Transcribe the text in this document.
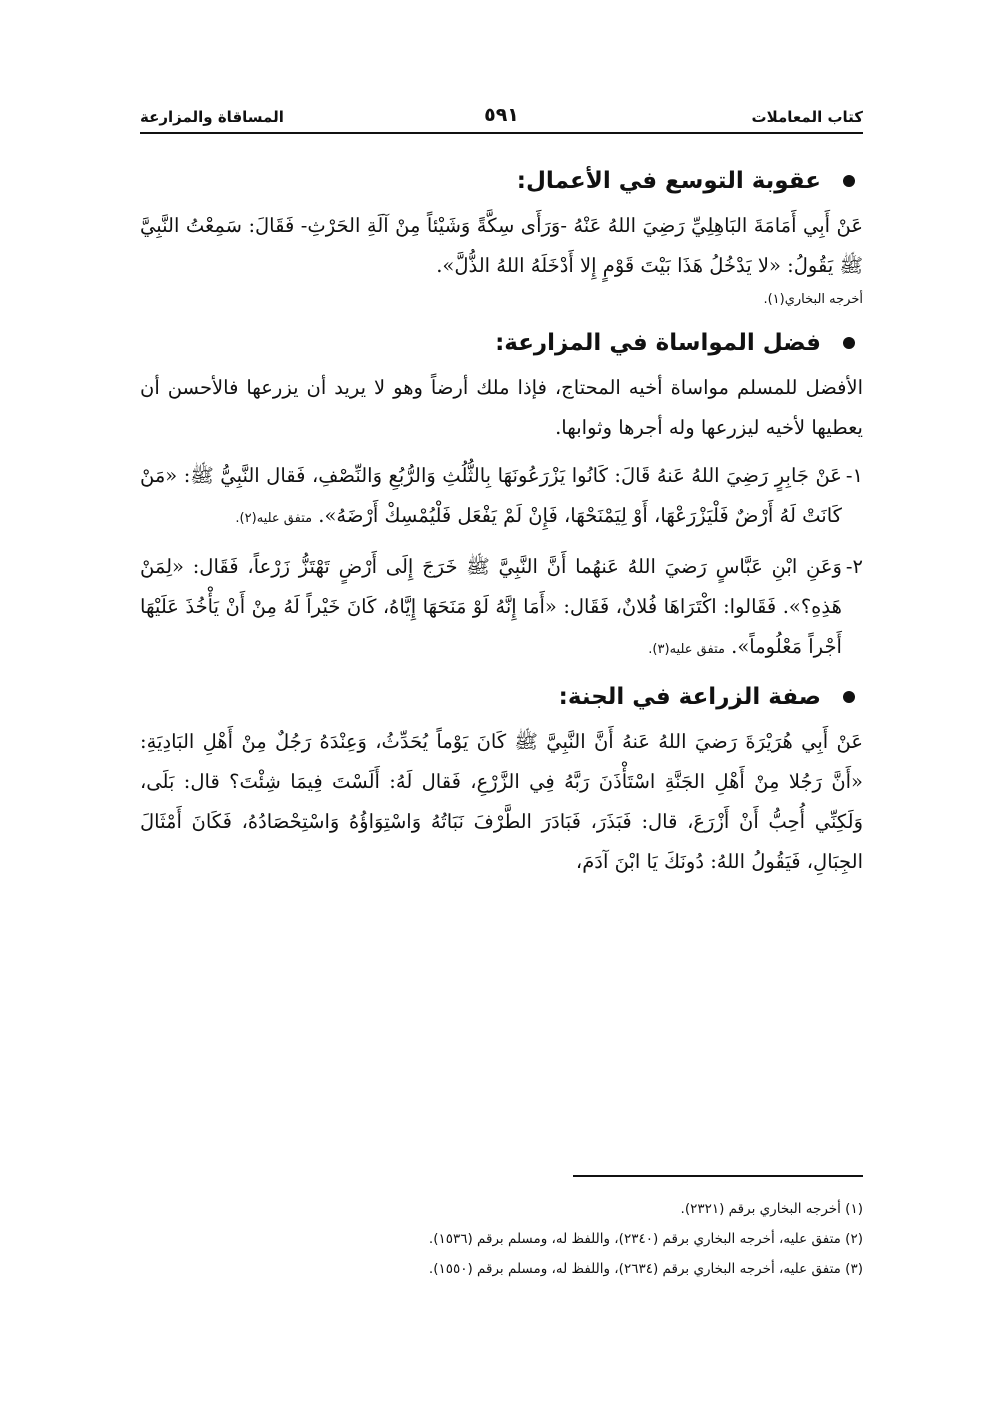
كتاب المعاملات
٥٩١
المساقاة والمزارعة
عقوبة التوسع في الأعمال:

عَنْ أَبِي أَمَامَةَ البَاهِلِيِّ رَضِيَ اللهُ عَنْهُ -وَرَأَى سِكَّةً وَشَيْئاً مِنْ آلَةِ الحَرْثِ- فَقَالَ: سَمِعْتُ النَّبِيَّ ﷺ يَقُولُ: «لا يَدْخُلُ هَذَا بَيْتَ قَوْمٍ إِلا أَدْخَلَهُ اللهُ الذُّلَّ».

أخرجه البخاري(١).

فضل المواساة في المزارعة:

الأفضل للمسلم مواساة أخيه المحتاج، فإذا ملك أرضاً وهو لا يريد أن يزرعها فالأحسن أن يعطيها لأخيه ليزرعها وله أجرها وثوابها.

١-

عَنْ جَابِرٍ رَضِيَ اللهُ عَنهُ قَالَ: كَانُوا يَزْرَعُونَهَا بِالثُّلُثِ وَالرُّبُعِ وَالنِّصْفِ، فَقال النَّبِيُّ ﷺ: «مَنْ كَانَتْ لَهُ أَرْضٌ فَلْيَزْرَعْهَا، أَوْ لِيَمْنَحْهَا، فَإِنْ لَمْ يَفْعَل فَلْيُمْسِكْ أَرْضَهُ». متفق عليه(٢).

٢-

وَعَنِ ابْنِ عَبَّاسٍ رَضيَ اللهُ عَنهُما أَنَّ النَّبِيَّ ﷺ خَرَجَ إِلَى أَرْضٍ تَهْتَزُّ زَرْعاً، فَقَال: «لِمَنْ هَذِهِ؟». فَقَالوا: اكْتَرَاهَا فُلانٌ، فَقَال: «أَمَا إِنَّهُ لَوْ مَنَحَهَا إِيَّاهُ، كَانَ خَيْراً لَهُ مِنْ أَنْ يَأْخُذَ عَلَيْهَا أَجْراً مَعْلُوماً». متفق عليه(٣).

صفة الزراعة في الجنة:

عَنْ أَبِي هُرَيْرَةَ رَضيَ اللهُ عَنهُ أَنَّ النَّبِيَّ ﷺ كَانَ يَوْماً يُحَدِّثُ، وَعِنْدَهُ رَجُلٌ مِنْ أَهْلِ البَادِيَةِ: «أَنَّ رَجُلا مِنْ أَهْلِ الجَنَّةِ اسْتَأْذَنَ رَبَّهُ فِي الزَّرْعِ، فَقال لَهُ: أَلَسْتَ فِيمَا شِئْتَ؟ قال: بَلَى، وَلَكِنِّي أُحِبُّ أَنْ أَزْرَعَ، قال: فَبَذَرَ، فَبَادَرَ الطَّرْفَ نَبَاتُهُ وَاسْتِوَاؤُهُ وَاسْتِحْصَادُهُ، فَكَانَ أَمْثَالَ الجِبَالِ، فَيَقُولُ اللهُ: دُونَكَ يَا ابْنَ آدَمَ،

(١) أخرجه البخاري برقم (٢٣٢١).
(٢) متفق عليه، أخرجه البخاري برقم (٢٣٤٠)، واللفظ له، ومسلم برقم (١٥٣٦).
(٣) متفق عليه، أخرجه البخاري برقم (٢٦٣٤)، واللفظ له، ومسلم برقم (١٥٥٠).
